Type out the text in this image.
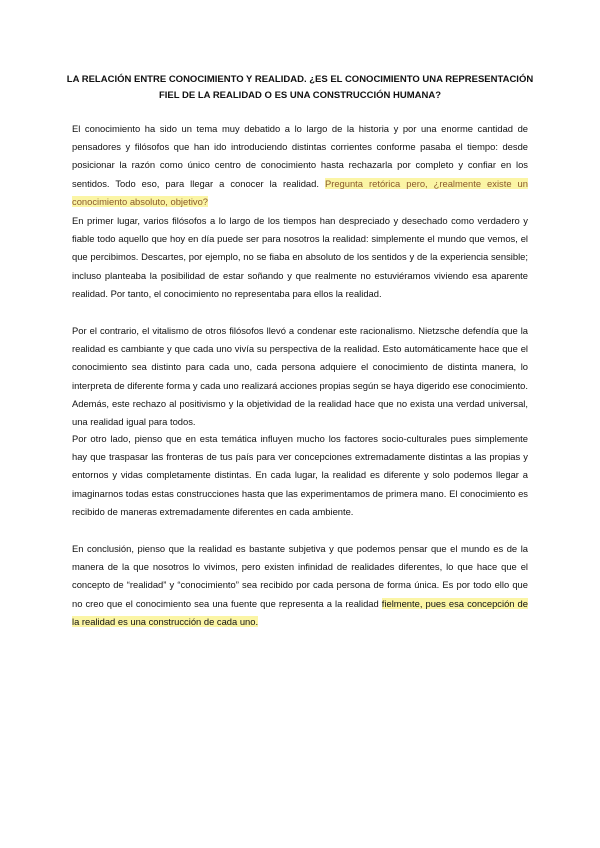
LA RELACIÓN ENTRE CONOCIMIENTO Y REALIDAD. ¿ES EL CONOCIMIENTO UNA REPRESENTACIÓN FIEL DE LA REALIDAD O ES UNA CONSTRUCCIÓN HUMANA?

El conocimiento ha sido un tema muy debatido a lo largo de la historia y por una enorme cantidad de pensadores y filósofos que han ido introduciendo distintas corrientes conforme pasaba el tiempo: desde posicionar la razón como único centro de conocimiento hasta rechazarla por completo y confiar en los sentidos. Todo eso, para llegar a conocer la realidad. Pregunta retórica pero, ¿realmente existe un conocimiento absoluto, objetivo?

En primer lugar, varios filósofos a lo largo de los tiempos han despreciado y desechado como verdadero y fiable todo aquello que hoy en día puede ser para nosotros la realidad: simplemente el mundo que vemos, el que percibimos. Descartes, por ejemplo, no se fiaba en absoluto de los sentidos y de la experiencia sensible; incluso planteaba la posibilidad de estar soñando y que realmente no estuviéramos viviendo esa aparente realidad. Por tanto, el conocimiento no representaba para ellos la realidad.

Por el contrario, el vitalismo de otros filósofos llevó a condenar este racionalismo. Nietzsche defendía que la realidad es cambiante y que cada uno vivía su perspectiva de la realidad. Esto automáticamente hace que el conocimiento sea distinto para cada uno, cada persona adquiere el conocimiento de distinta manera, lo interpreta de diferente forma y cada uno realizará acciones propias según se haya digerido ese conocimiento. Además, este rechazo al positivismo y la objetividad de la realidad hace que no exista una verdad universal, una realidad igual para todos.

Por otro lado, pienso que en esta temática influyen mucho los factores socio-culturales pues simplemente hay que traspasar las fronteras de tus país para ver concepciones extremadamente distintas a las propias y entornos y vidas completamente distintas. En cada lugar, la realidad es diferente y solo podemos llegar a imaginarnos todas estas construcciones hasta que las experimentamos de primera mano. El conocimiento es recibido de maneras extremadamente diferentes en cada ambiente.

En conclusión, pienso que la realidad es bastante subjetiva y que podemos pensar que el mundo es de la manera de la que nosotros lo vivimos, pero existen infinidad de realidades diferentes, lo que hace que el concepto de “realidad” y “conocimiento” sea recibido por cada persona de forma única. Es por todo ello que no creo que el conocimiento sea una fuente que representa a la realidad fielmente, pues esa concepción de la realidad es una construcción de cada uno.
